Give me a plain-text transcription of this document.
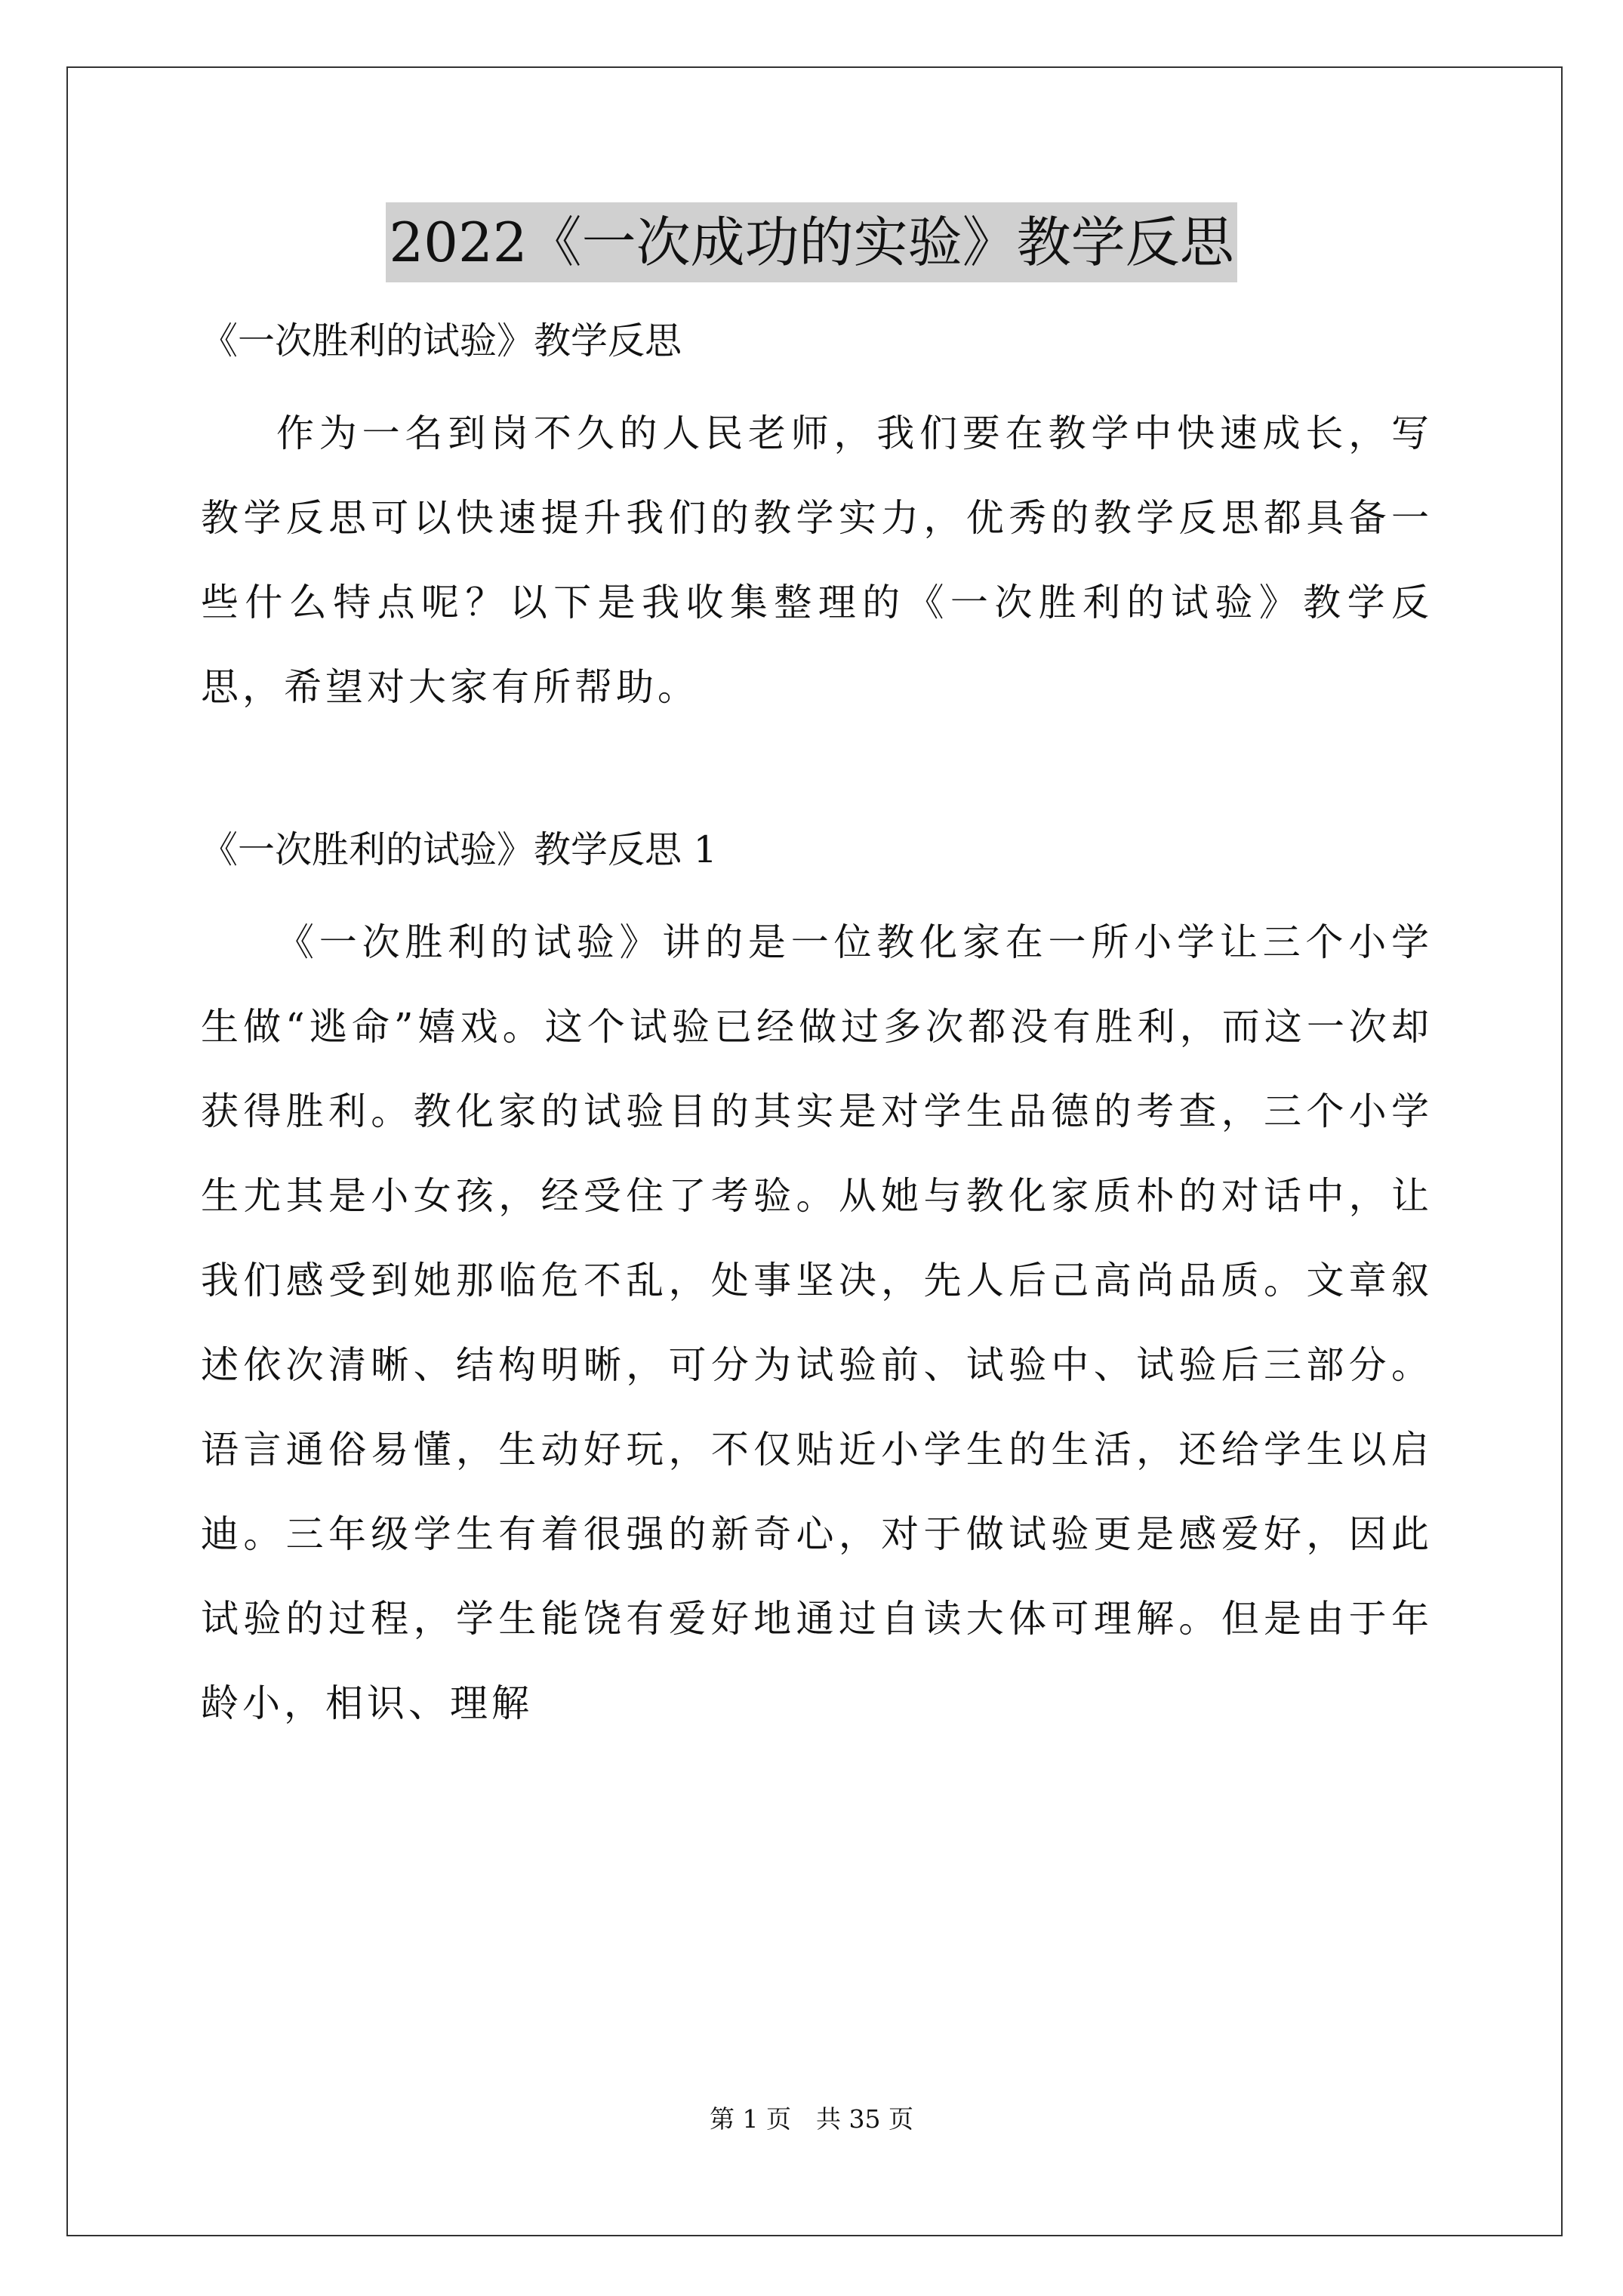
2022《一次成功的实验》教学反思
《一次胜利的试验》教学反思

作为一名到岗不久的人民老师，我们要在教学中快速成长，写教学反思可以快速提升我们的教学实力，优秀的教学反思都具备一些什么特点呢？以下是我收集整理的《一次胜利的试验》教学反思，希望对大家有所帮助。

《一次胜利的试验》教学反思 1

《一次胜利的试验》讲的是一位教化家在一所小学让三个小学生做“逃命”嬉戏。这个试验已经做过多次都没有胜利，而这一次却获得胜利。教化家的试验目的其实是对学生品德的考查，三个小学生尤其是小女孩，经受住了考验。从她与教化家质朴的对话中，让我们感受到她那临危不乱，处事坚决，先人后己高尚品质。文章叙述依次清晰、结构明晰，可分为试验前、试验中、试验后三部分。语言通俗易懂，生动好玩，不仅贴近小学生的生活，还给学生以启迪。三年级学生有着很强的新奇心，对于做试验更是感爱好，因此试验的过程，学生能饶有爱好地通过自读大体可理解。但是由于年龄小，相识、理解

第 1 页　共 35 页
